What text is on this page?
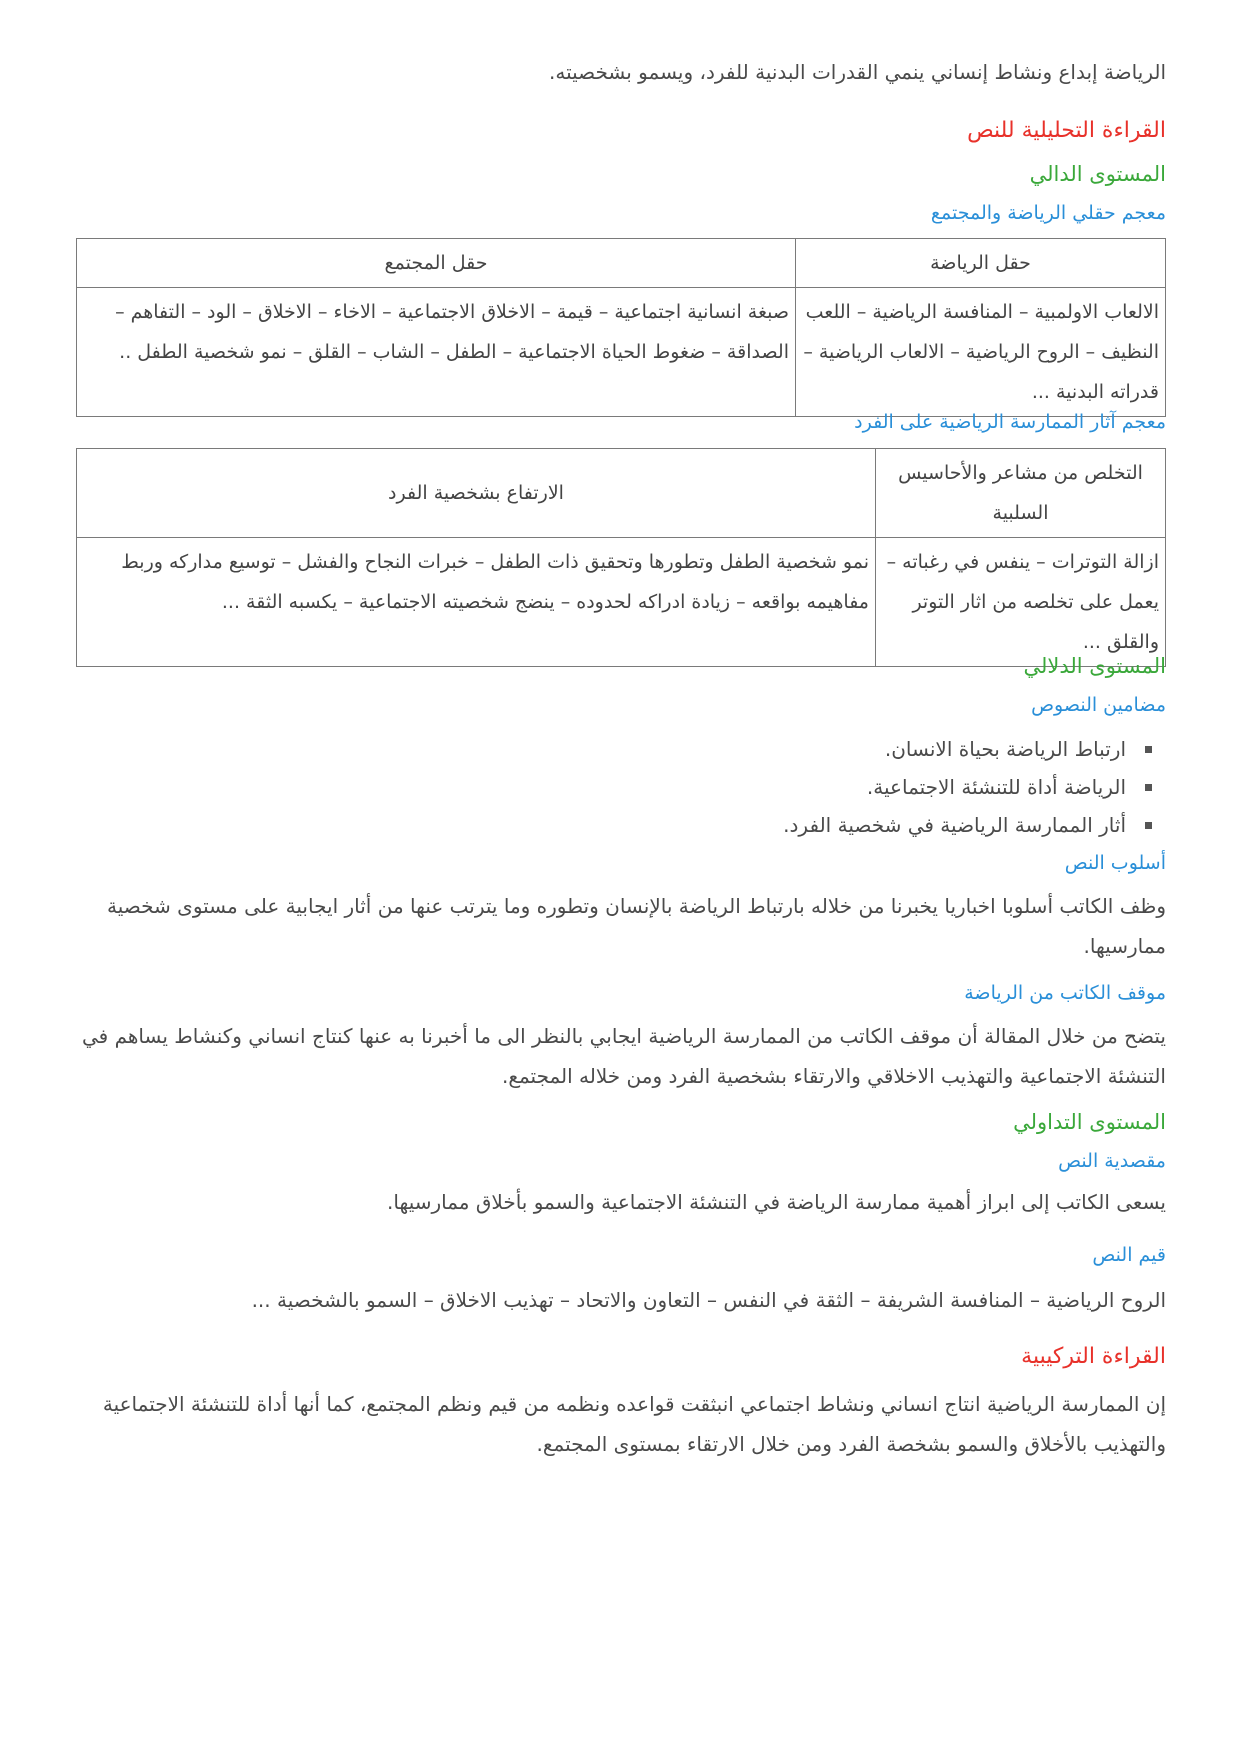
الرياضة إبداع ونشاط إنساني ينمي القدرات البدنية للفرد، ويسمو بشخصيته.

القراءة التحليلية للنص

المستوى الدالي

معجم حقلي الرياضة والمجتمع

حقل الرياضة	حقل المجتمع
الالعاب الاولمبية – المنافسة الرياضية – اللعب النظيف – الروح الرياضية – الالعاب الرياضية – قدراته البدنية ...	صبغة انسانية اجتماعية – قيمة – الاخلاق الاجتماعية – الاخاء – الاخلاق – الود – التفاهم – الصداقة – ضغوط الحياة الاجتماعية – الطفل – الشاب – القلق – نمو شخصية الطفل ..

معجم آثار الممارسة الرياضية على الفرد

التخلص من مشاعر والأحاسيس السلبية	الارتفاع بشخصية الفرد
ازالة التوترات – ينفس في رغباته – يعمل على تخلصه من اثار التوتر والقلق ...	نمو شخصية الطفل وتطورها وتحقيق ذات الطفل – خبرات النجاح والفشل – توسيع مداركه وربط مفاهيمه بواقعه – زيادة ادراكه لحدوده – ينضج شخصيته الاجتماعية – يكسبه الثقة ...

المستوى الدلالي

مضامين النصوص

ارتباط الرياضة بحياة الانسان.
الرياضة أداة للتنشئة الاجتماعية.
أثار الممارسة الرياضية في شخصية الفرد.

أسلوب النص

وظف الكاتب أسلوبا اخباريا يخبرنا من خلاله بارتباط الرياضة بالإنسان وتطوره وما يترتب عنها من أثار ايجابية على مستوى شخصية ممارسيها.

موقف الكاتب من الرياضة

يتضح من خلال المقالة أن موقف الكاتب من الممارسة الرياضية ايجابي بالنظر الى ما أخبرنا به عنها كنتاج انساني وكنشاط يساهم في التنشئة الاجتماعية والتهذيب الاخلاقي والارتقاء بشخصية الفرد ومن خلاله المجتمع.

المستوى التداولي

مقصدية النص

يسعى الكاتب إلى ابراز أهمية ممارسة الرياضة في التنشئة الاجتماعية والسمو بأخلاق ممارسيها.

قيم النص

الروح الرياضية – المنافسة الشريفة – الثقة في النفس – التعاون والاتحاد – تهذيب الاخلاق – السمو بالشخصية ...

القراءة التركيبية

إن الممارسة الرياضية انتاج انساني ونشاط اجتماعي انبثقت قواعده ونظمه من قيم ونظم المجتمع، كما أنها أداة للتنشئة الاجتماعية والتهذيب بالأخلاق والسمو بشخصة الفرد ومن خلال الارتقاء بمستوى المجتمع.
